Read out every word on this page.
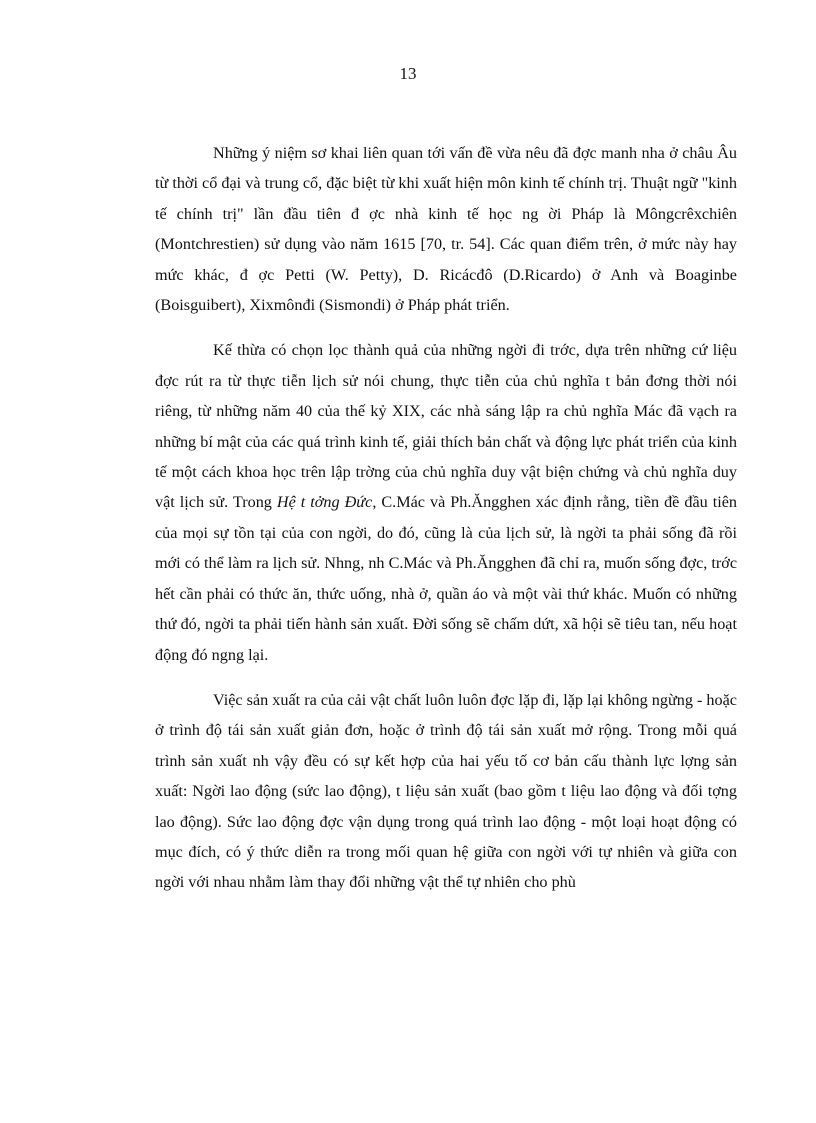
13

Những ý niệm sơ khai liên quan tới vấn đề vừa nêu đã đợc manh nha ở châu Âu từ thời cổ đại và trung cổ, đặc biệt từ khi xuất hiện môn kinh tế chính trị. Thuật ngữ "kinh tế chính trị" lần đầu tiên đ ợc nhà kinh tế học ng ời Pháp là Môngcrêxchiên (Montchrestien) sử dụng vào năm 1615 [70, tr. 54]. Các quan điểm trên, ở mức này hay mức khác, đ ợc Petti (W. Petty), D. Ricácđô (D.Ricardo) ở Anh và Boaginbe (Boisguibert), Xixmônđi (Sismondi) ở Pháp phát triển.

Kế thừa có chọn lọc thành quả của những ngời đi trớc, dựa trên những cứ liệu đợc rút ra từ thực tiễn lịch sử nói chung, thực tiễn của chủ nghĩa t bản đơng thời nói riêng, từ những năm 40 của thế kỷ XIX, các nhà sáng lập ra chủ nghĩa Mác đã vạch ra những bí mật của các quá trình kinh tế, giải thích bản chất và động lực phát triển của kinh tế một cách khoa học trên lập trờng của chủ nghĩa duy vật biện chứng và chủ nghĩa duy vật lịch sử. Trong Hệ t tởng Đức, C.Mác và Ph.Ăngghen xác định rằng, tiền đề đầu tiên của mọi sự tồn tại của con ngời, do đó, cũng là của lịch sử, là ngời ta phải sống đã rồi mới có thể làm ra lịch sử. Nhng, nh C.Mác và Ph.Ăngghen đã chỉ ra, muốn sống đợc, trớc hết cần phải có thức ăn, thức uống, nhà ở, quần áo và một vài thứ khác. Muốn có những thứ đó, ngời ta phải tiến hành sản xuất. Đời sống sẽ chấm dứt, xã hội sẽ tiêu tan, nếu hoạt động đó ngng lại.

Việc sản xuất ra của cải vật chất luôn luôn đợc lặp đi, lặp lại không ngừng - hoặc ở trình độ tái sản xuất giản đơn, hoặc ở trình độ tái sản xuất mở rộng. Trong mỗi quá trình sản xuất nh vậy đều có sự kết hợp của hai yếu tố cơ bản cấu thành lực lợng sản xuất: Ngời lao động (sức lao động), t liệu sản xuất (bao gồm t liệu lao động và đối tợng lao động). Sức lao động đợc vận dụng trong quá trình lao động - một loại hoạt động có mục đích, có ý thức diễn ra trong mối quan hệ giữa con ngời với tự nhiên và giữa con ngời với nhau nhằm làm thay đổi những vật thể tự nhiên cho phù
